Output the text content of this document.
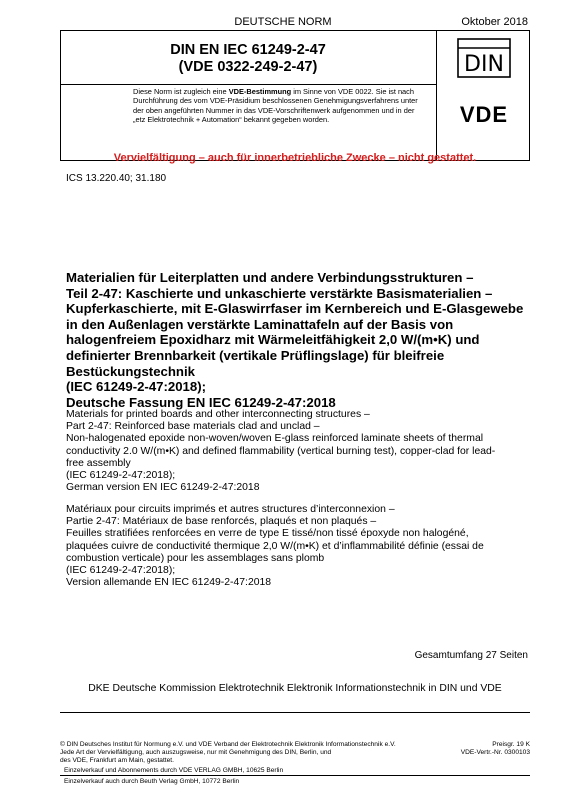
DEUTSCHE NORM	Oktober 2018
DIN EN IEC 61249-2-47
(VDE 0322-249-2-47)	DIN
Diese Norm ist zugleich eine VDE-Bestimmung im Sinne von VDE 0022. Sie ist nach
Durchführung des vom VDE-Präsidium beschlossenen Genehmigungsverfahrens unter
der oben angeführten Nummer in das VDE-Vorschriftenwerk aufgenommen und in der
„etz Elektrotechnik + Automation“ bekannt gegeben worden.	VDE
Vervielfältigung – auch für innerbetriebliche Zwecke – nicht gestattet.
ICS 13.220.40; 31.180
Materialien für Leiterplatten und andere Verbindungsstrukturen –
Teil 2-47: Kaschierte und unkaschierte verstärkte Basismaterialien –
Kupferkaschierte, mit E-Glaswirrfaser im Kernbereich und E-Glasgewebe
in den Außenlagen verstärkte Laminattafeln auf der Basis von
halogenfreiem Epoxidharz mit Wärmeleitfähigkeit 2,0 W/(m•K) und
definierter Brennbarkeit (vertikale Prüflingslage) für bleifreie
Bestückungstechnik
(IEC 61249-2-47:2018);
Deutsche Fassung EN IEC 61249-2-47:2018
Materials for printed boards and other interconnecting structures –
Part 2-47: Reinforced base materials clad and unclad –
Non-halogenated epoxide non-woven/woven E-glass reinforced laminate sheets of thermal
conductivity 2.0 W/(m•K) and defined flammability (vertical burning test), copper-clad for lead-
free assembly
(IEC 61249-2-47:2018);
German version EN IEC 61249-2-47:2018
Matériaux pour circuits imprimés et autres structures d’interconnexion –
Partie 2-47: Matériaux de base renforcés, plaqués et non plaqués –
Feuilles stratifiées renforcées en verre de type E tissé/non tissé époxyde non halogéné,
plaquées cuivre de conductivité thermique 2,0 W/(m•K) et d’inflammabilité définie (essai de
combustion verticale) pour les assemblages sans plomb
(IEC 61249-2-47:2018);
Version allemande EN IEC 61249-2-47:2018
Gesamtumfang 27 Seiten
DKE Deutsche Kommission Elektrotechnik Elektronik Informationstechnik in DIN und VDE
© DIN Deutsches Institut für Normung e.V. und VDE Verband der Elektrotechnik Elektronik Informationstechnik e.V.
Jede Art der Vervielfältigung, auch auszugsweise, nur mit Genehmigung des DIN, Berlin, und
des VDE, Frankfurt am Main, gestattet.
Preisgr. 19 K
VDE-Vertr.-Nr. 0300103
Einzelverkauf und Abonnements durch VDE VERLAG GMBH, 10625 Berlin
Einzelverkauf auch durch Beuth Verlag GmbH, 10772 Berlin
